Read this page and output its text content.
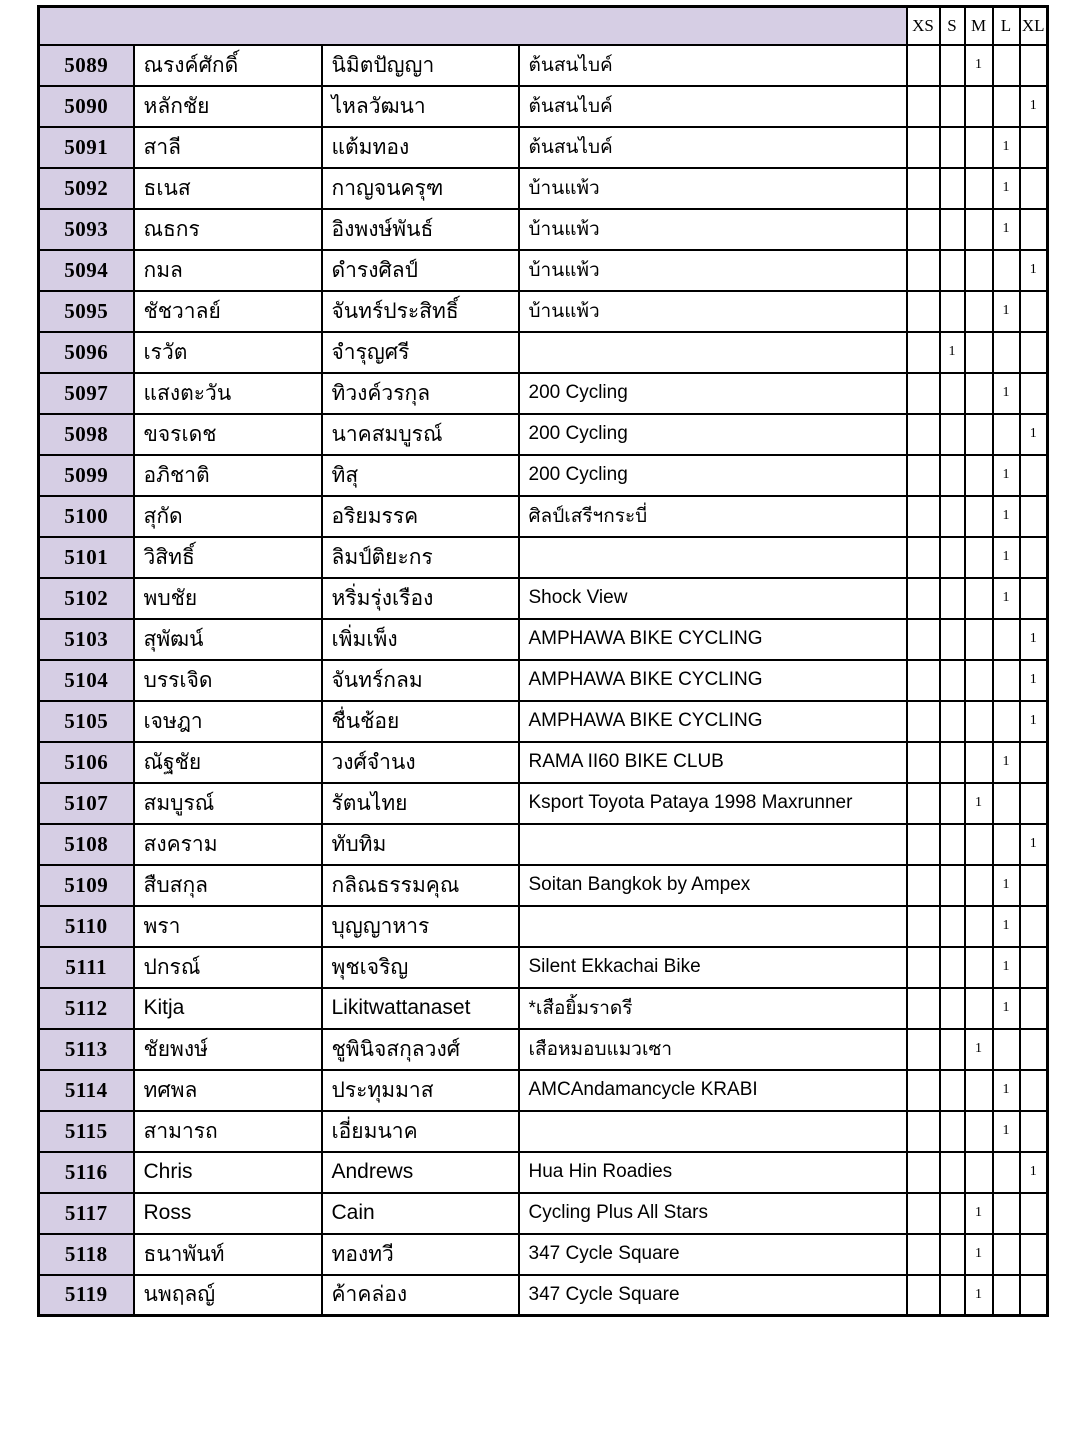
				XS	S	M	L	XL
5089	ณรงค์ศักดิ์	นิมิตปัญญา	ต้นสนไบค์			1		
5090	หลักชัย	ไหลวัฒนา	ต้นสนไบค์					1
5091	สาลี	แต้มทอง	ต้นสนไบค์				1	
5092	ธเนส	กาญจนครุฑ	บ้านแพ้ว				1	
5093	ณธกร	อิงพงษ์พันธ์	บ้านแพ้ว				1	
5094	กมล	ดำรงศิลป์	บ้านแพ้ว					1
5095	ชัชวาลย์	จันทร์ประสิทธิ์	บ้านแพ้ว				1	
5096	เรวัต	จำรุญศรี			1			
5097	แสงตะวัน	ทิวงค์วรกุล	200 Cycling				1	
5098	ขจรเดช	นาคสมบูรณ์	200 Cycling					1
5099	อภิชาติ	ทิสุ	200 Cycling				1	
5100	สุกัด	อริยมรรค	ศิลป์เสรีฯกระบี่				1	
5101	วิสิทธิ์	ลิมป์ติยะกร					1	
5102	พบชัย	หริ่มรุ่งเรือง	Shock View				1	
5103	สุพัฒน์	เพิ่มเพ็ง	AMPHAWA BIKE CYCLING					1
5104	บรรเจิด	จันทร์กลม	AMPHAWA BIKE CYCLING					1
5105	เจษฎา	ชื่นช้อย	AMPHAWA BIKE CYCLING					1
5106	ณัฐชัย	วงศ์จำนง	RAMA II60 BIKE CLUB				1	
5107	สมบูรณ์	รัตนไทย	Ksport Toyota Pataya 1998 Maxrunner			1		
5108	สงคราม	ทับทิม						1
5109	สืบสกุล	กลิณธรรมคุณ	Soitan Bangkok by Ampex				1	
5110	พรา	บุญญาหาร					1	
5111	ปกรณ์	พุชเจริญ	Silent Ekkachai Bike				1	
5112	Kitja	Likitwattanaset	*เสือยิ้มราดรี				1	
5113	ชัยพงษ์	ชูพินิจสกุลวงศ์	เสือหมอบแมวเซา			1		
5114	ทศพล	ประทุมมาส	AMCAndamancycle KRABI				1	
5115	สามารถ	เอี่ยมนาค					1	
5116	Chris	Andrews	Hua Hin Roadies					1
5117	Ross	Cain	Cycling Plus All Stars			1		
5118	ธนาพันท์	ทองทวี	347 Cycle Square			1		
5119	นพฤลญ์	ค้าคล่อง	347 Cycle Square			1		
